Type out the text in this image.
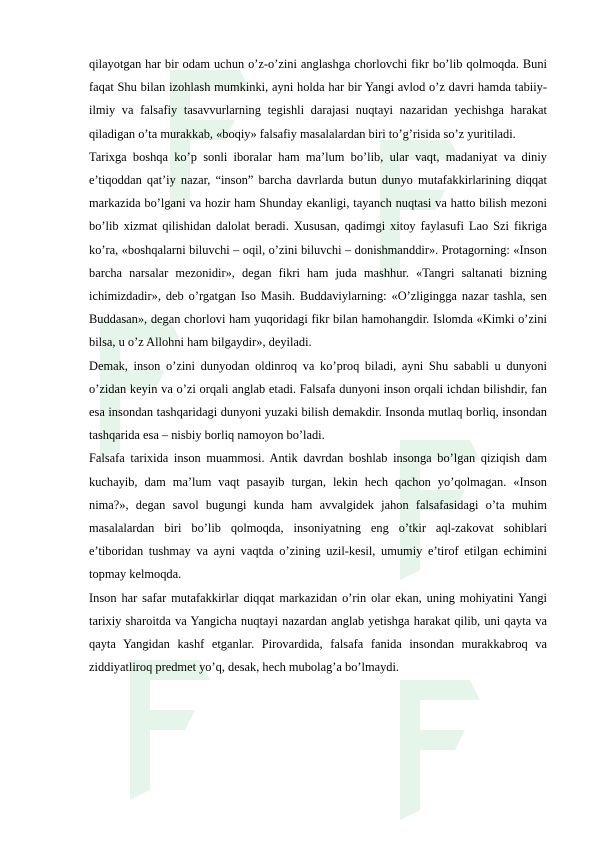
qilayotgan har bir odam uchun o’z-o’zini anglashga chorlovchi fikr bo’lib qolmoqda. Buni faqat Shu bilan izohlash mumkinki, ayni holda har bir Yangi avlod o’z davri hamda tabiiy-ilmiy va falsafiy tasavvurlarning tegishli darajasi nuqtayi nazaridan yechishga harakat qiladigan o’ta murakkab, «boqiy» falsafiy masalalardan biri to’g’risida so’z yuritiladi.

Tarixga boshqa ko’p sonli iboralar ham ma’lum bo’lib, ular vaqt, madaniyat va diniy e’tiqoddan qat’iy nazar, “inson” barcha davrlarda butun dunyo mutafakkirlarining diqqat markazida bo’lgani va hozir ham Shunday ekanligi, tayanch nuqtasi va hatto bilish mezoni bo’lib xizmat qilishidan dalolat beradi. Xususan, qadimgi xitoy faylasufi Lao Szi fikriga ko’ra, «boshqalarni biluvchi – oqil, o’zini biluvchi – donishmanddir». Protagorning: «Inson barcha narsalar mezonidir», degan fikri ham juda mashhur. «Tangri saltanati bizning ichimizdadir», deb o’rgatgan Iso Masih. Buddaviylarning: «O’zligingga nazar tashla, sen Buddasan», degan chorlovi ham yuqoridagi fikr bilan hamohangdir. Islomda «Kimki o’zini bilsa, u o’z Allohni ham bilgaydir», deyiladi.

Demak, inson o’zini dunyodan oldinroq va ko’proq biladi, ayni Shu sababli u dunyoni o’zidan keyin va o’zi orqali anglab etadi. Falsafa dunyoni inson orqali ichdan bilishdir, fan esa insondan tashqaridagi dunyoni yuzaki bilish demakdir. Insonda mutlaq borliq, insondan tashqarida esa – nisbiy borliq namoyon bo’ladi.

Falsafa tarixida inson muammosi. Antik davrdan boshlab insonga bo’lgan qiziqish dam kuchayib, dam ma’lum vaqt pasayib turgan, lekin hech qachon yo’qolmagan. «Inson nima?», degan savol bugungi kunda ham avvalgidek jahon falsafasidagi o’ta muhim masalalardan biri bo’lib qolmoqda, insoniyatning eng o’tkir aql-zakovat sohiblari e’tiboridan tushmay va ayni vaqtda o’zining uzil-kesil, umumiy e’tirof etilgan echimini topmay kelmoqda.

Inson har safar mutafakkirlar diqqat markazidan o’rin olar ekan, uning mohiyatini Yangi tarixiy sharoitda va Yangicha nuqtayi nazardan anglab yetishga harakat qilib, uni qayta va qayta Yangidan kashf etganlar. Pirovardida, falsafa fanida insondan murakkabroq va ziddiyatliroq predmet yo’q, desak, hech mubolag’a bo’lmaydi.
